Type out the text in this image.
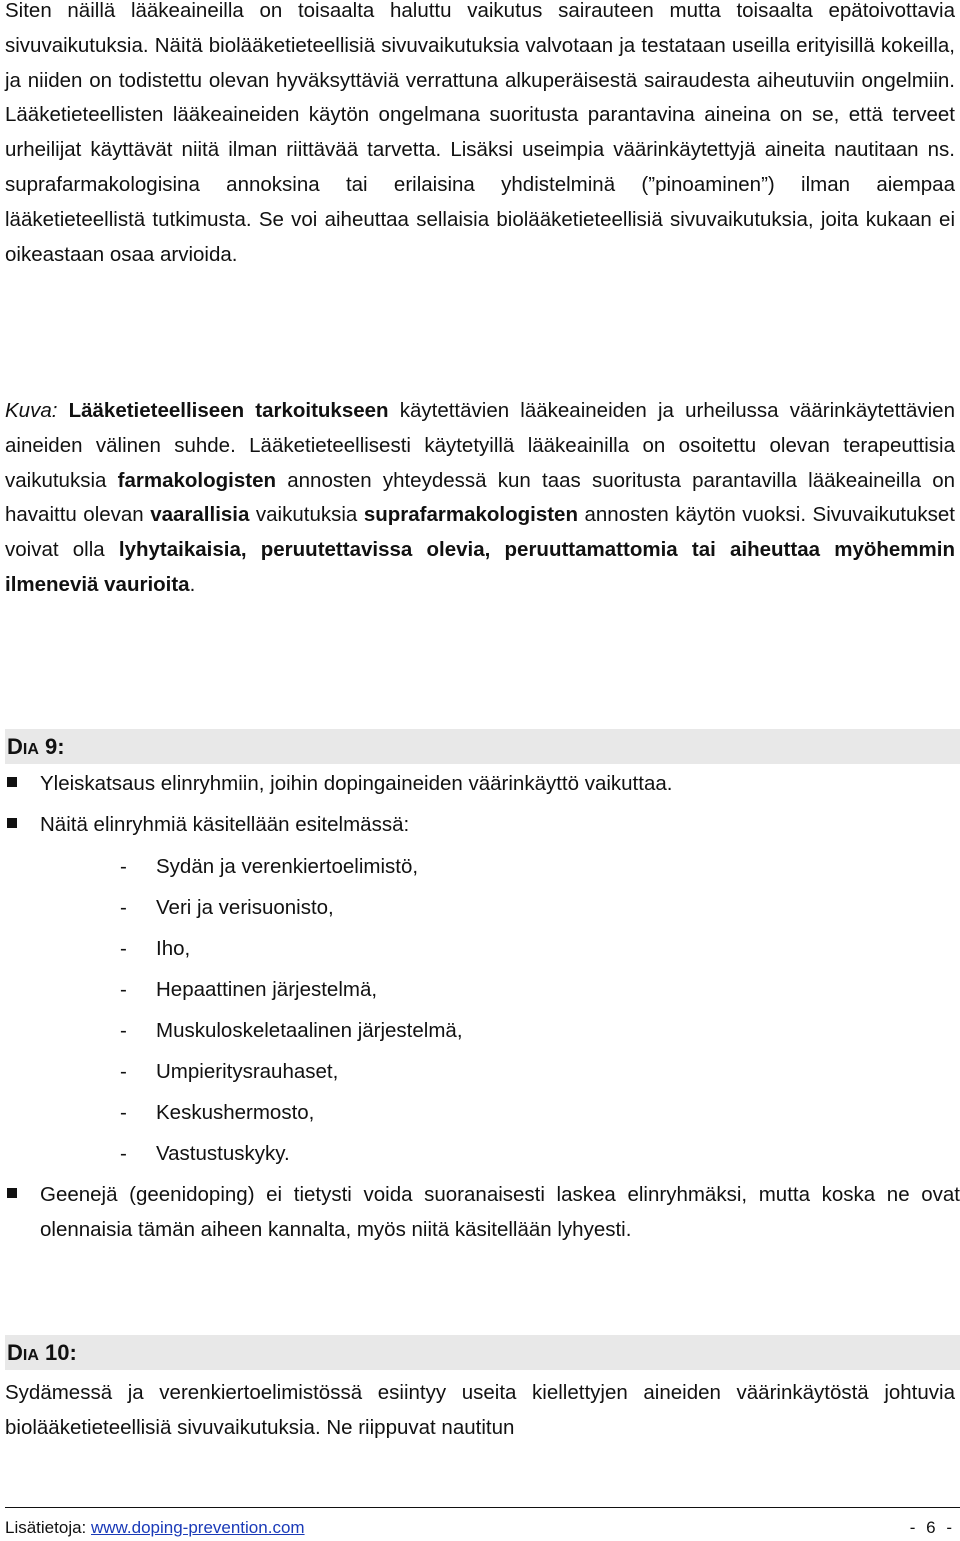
Siten näillä lääkeaineilla on toisaalta haluttu vaikutus sairauteen mutta toisaalta epätoivottavia sivuvaikutuksia. Näitä biolääketieteellisiä sivuvaikutuksia valvotaan ja testataan useilla erityisillä kokeilla, ja niiden on todistettu olevan hyväksyttäviä verrattuna alkuperäisestä sairaudesta aiheutuviin ongelmiin. Lääketieteellisten lääkeaineiden käytön ongelmana suoritusta parantavina aineina on se, että terveet urheilijat käyttävät niitä ilman riittävää tarvetta. Lisäksi useimpia väärinkäytettyjä aineita nautitaan ns. suprafarmakologisina annoksina tai erilaisina yhdistelminä (”pinoaminen”) ilman aiempaa lääketieteellistä tutkimusta. Se voi aiheuttaa sellaisia biolääketieteellisiä sivuvaikutuksia, joita kukaan ei oikeastaan osaa arvioida.

Kuva: Lääketieteelliseen tarkoitukseen käytettävien lääkeaineiden ja urheilussa väärinkäytettävien aineiden välinen suhde. Lääketieteellisesti käytetyillä lääkeainilla on osoitettu olevan terapeuttisia vaikutuksia farmakologisten annosten yhteydessä kun taas suoritusta parantavilla lääkeaineilla on havaittu olevan vaarallisia vaikutuksia suprafarmakologisten annosten käytön vuoksi. Sivuvaikutukset voivat olla lyhytaikaisia, peruutettavissa olevia, peruuttamattomia tai aiheuttaa myöhemmin ilmeneviä vaurioita.

DIA 9:
Yleiskatsaus elinryhmiin, joihin dopingaineiden väärinkäyttö vaikuttaa.
Näitä elinryhmiä käsitellään esitelmässä:
- Sydän ja verenkiertoelimistö,
- Veri ja verisuonisto,
- Iho,
- Hepaattinen järjestelmä,
- Muskuloskeletaalinen järjestelmä,
- Umpieritysrauhaset,
- Keskushermosto,
- Vastustuskyky.

Geenejä (geenidoping) ei tietysti voida suoranaisesti laskea elinryhmäksi, mutta koska ne ovat olennaisia tämän aiheen kannalta, myös niitä käsitellään lyhyesti.

DIA 10:

Sydämessä ja verenkiertoelimistössä esiintyy useita kiellettyjen aineiden väärinkäytöstä johtuvia biolääketieteellisiä sivuvaikutuksia. Ne riippuvat nautitun

Lisätietoja: www.doping-prevention.com	- 6 -
